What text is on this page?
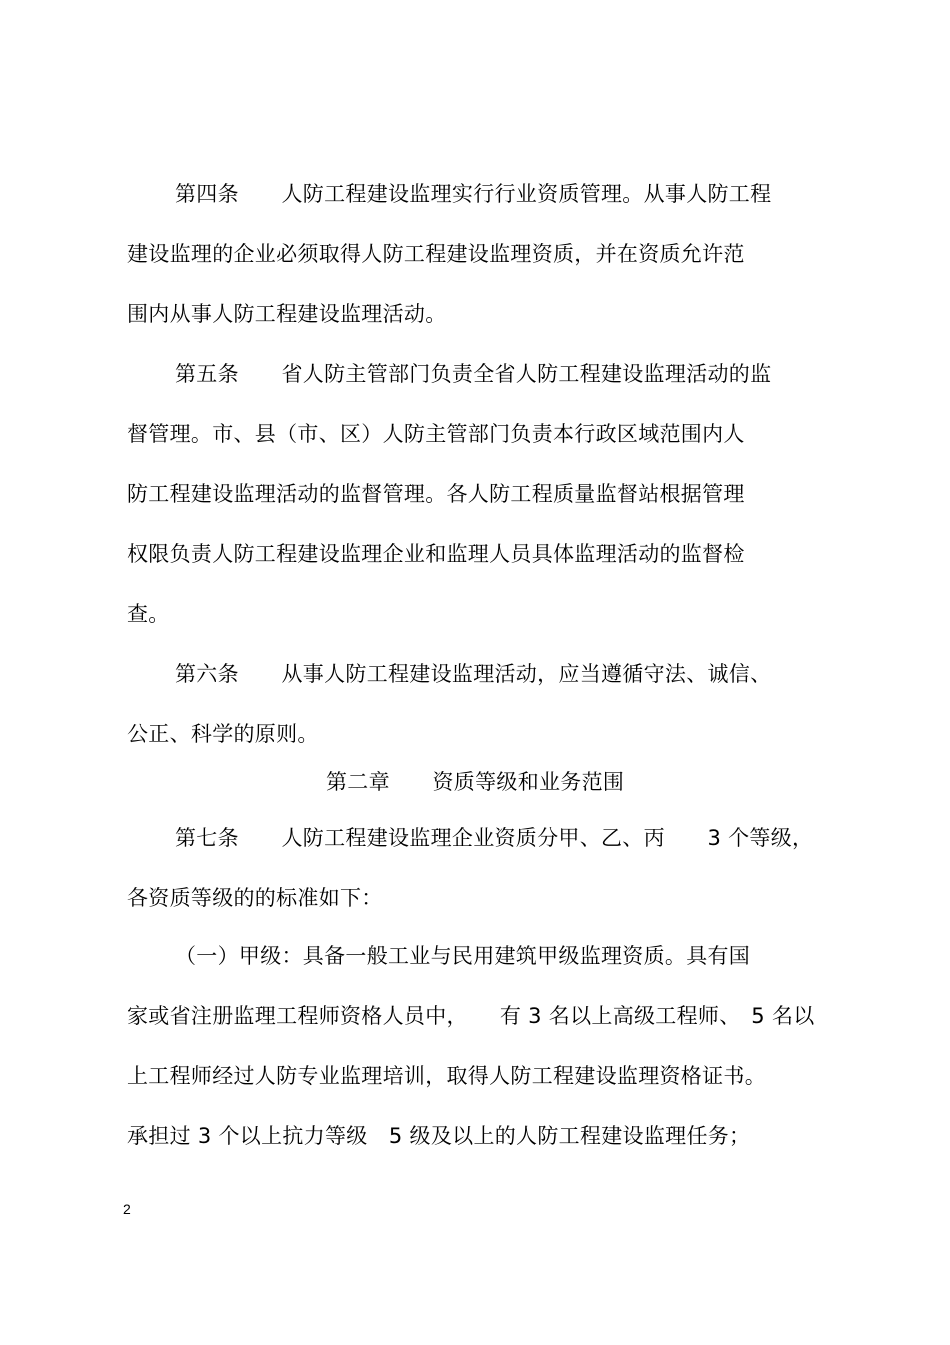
第四条　　人防工程建设监理实行行业资质管理。从事人防工程
建设监理的企业必须取得人防工程建设监理资质，并在资质允许范
围内从事人防工程建设监理活动。
第五条　　省人防主管部门负责全省人防工程建设监理活动的监
督管理。市、县（市、区）人防主管部门负责本行政区域范围内人
防工程建设监理活动的监督管理。各人防工程质量监督站根据管理
权限负责人防工程建设监理企业和监理人员具体监理活动的监督检
查。
第六条　　从事人防工程建设监理活动，应当遵循守法、诚信、
公正、科学的原则。
第二章　　资质等级和业务范围
第七条　　人防工程建设监理企业资质分甲、乙、丙　　3 个等级，
各资质等级的的标准如下：
（一）甲级：具备一般工业与民用建筑甲级监理资质。具有国
家或省注册监理工程师资格人员中，　　有 3 名以上高级工程师、　5 名以
上工程师经过人防专业监理培训，取得人防工程建设监理资格证书。
承担过 3 个以上抗力等级　5 级及以上的人防工程建设监理任务；
2
